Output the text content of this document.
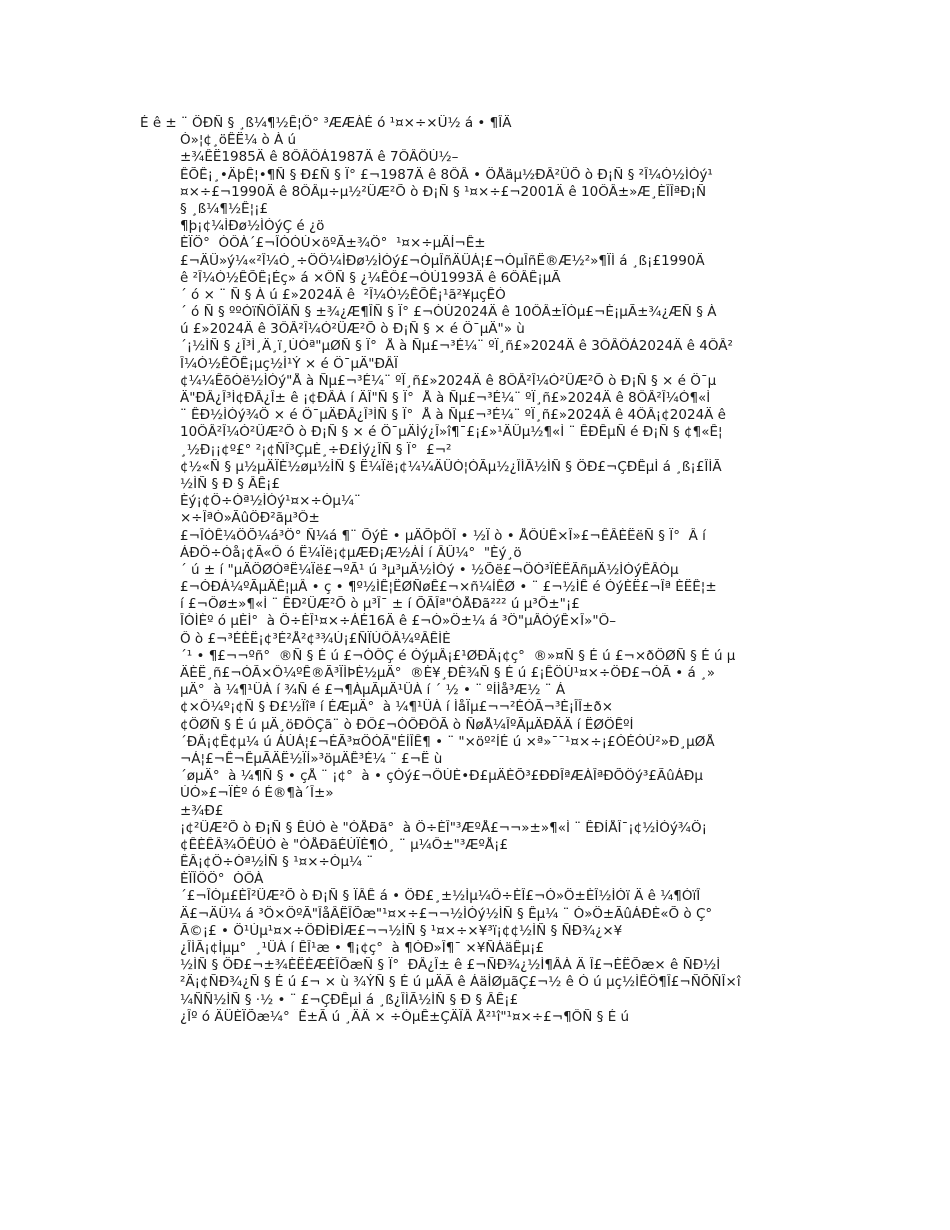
É ê ± ¨ ÖÐÑ § ¸ß¼¶½Ê¦Ö° ³ÆÆÀÉ ó ¹¤×÷×Ü½ á • ¶ÎÄ
Ò»¦¢¸öÊË¼ ò À ú
±¾ÊË1985Ä ê 8ÔÂÖÁ1987Ä ê 7ÔÂÖÚ½–
ÊÕÊ¡¸•ÄþÊ¦•¶Ñ § Ð£Ñ § Ï° £¬1987Ä ê 8ÔÂ • ÖÅäµ½ÐÂ²ÜÕ ò Ð¡Ñ § ²Î¼Ó½ÌÓý¹
¤×÷£¬1990Ä ê 8ÔÂµ÷µ½²ÜÆ²Õ ò Ð¡Ñ § ¹¤×÷£¬2001Ä ê 10ÔÂ±»Æ¸ÈÎÎªÐ¡Ñ
§ ¸ß¼¶½Ê¦¡£
¶þ¡¢¼ÌÐø½ÌÓýÇ é ¿ö
ÈÏÖ°  ÒÔÀ´£¬ÎÒÓÚ×öºÃ±¾Ö°  ¹¤×÷µÄÍ¬Ê±
£¬ÄÜ»ý¼«²Î¼Ó¸÷ÖÖ¼ÌÐø½ÌÓý£¬ÒµÎñÄÜÁ¦£¬ÒµÎñË®Æ½²»¶ÏÌ á ¸ß¡£1990Ä
ê ²Î¼Ó½ÊÕÊ¡Éç» á ×ÔÑ § ¿¼ÊÔ£¬ÓÚ1993Ä ê 6ÔÂÊ¡µÃ
´ ó × ¨ Ñ § À ú £»2024Ä ê  ²Î¼Ó½ÊÕÊ¡¹ã²¥µçÊÓ
´ ó Ñ § ººÓïÑÔÎÄÑ § ±¾¿Æ¶ÎÑ § Ï° £¬ÓÚ2024Ä ê 10ÔÂ±ÏÒµ£¬È¡µÃ±¾¿ÆÑ § À
ú £»2024Ä ê 3ÔÂ²Î¼Ó²ÜÆ²Õ ò Ð¡Ñ § × é Ö¯µÄ"» ù
´¡½ÌÑ § ¿Î³Ì¸Ä¸ï¸ÙÒª"µØÑ § Ï°  Å à Ñµ£¬³É¼¨ ºÏ¸ñ£»2024Ä ê 3ÔÂÖÁ2024Ä ê 4ÔÂ²
Î¼Ó½ÊÕÊ¡µç½Ì¹Ý × é Ö¯µÄ"ÐÂÏ
¢¼¼ÊõÓë½ÌÓý"Å à Ñµ£¬³É¼¨ ºÏ¸ñ£»2024Ä ê 8ÔÂ²Î¼Ó²ÜÆ²Õ ò Ð¡Ñ § × é Ö¯µ
Ä"ÐÂ¿Î³Ì¢ÐÂ¿Î± ê ¡¢ÐÂÀ í ÄÎ"Ñ § Ï°  Å à Ñµ£¬³É¼¨ ºÏ¸ñ£»2024Ä ê 8ÔÂ²Î¼Ó¶«Ì
¨ ÊÐ½ÌÓý¾Ö × é Ö¯µÄÐÂ¿Î³ÌÑ § Ï°  Å à Ñµ£¬³É¼¨ ºÏ¸ñ£»2024Ä ê 4ÔÂ¡¢2024Ä ê
10ÔÂ²Î¼Ó²ÜÆ²Õ ò Ð¡Ñ § × é Ö¯µÄÌý¿Î»î¶¯£¡£»¹ÄÜµ½¶«Ì ¨ ÊÐÊµÑ é Ð¡Ñ § ¢¶«Ê¦
¸½Ð¡¡¢º£° ²¡¢ÑÎ³ÇµÈ¸÷Ð£Ìý¿ÎÑ § Ï°  £¬²
¢½«Ñ § µ½µÄÏÈ½øµ½ÌÑ § Ë¼Ïë¡¢¼¼ÄÜÓ¦ÓÃµ½¿ÎÌÃ½ÌÑ § ÖÐ£¬ÇÐÊµÌ á ¸ß¡£ÎÌÃ
½ÌÑ § Ð § ÂÊ¡£
Èý¡¢Ö÷Òª½ÌÓý¹¤×÷Òµ¼¨
×÷ÎªÒ»ÃûÖÐ²ãµ³Ô±
£¬ÎÒÊ¼ÖÕ¼á³Ö° Ñ¼á ¶¨ ÕýÈ • µÄÕþÖÎ • ½Ï ò • ÅÔÚÊ×Î»£¬ÊÂÈËëÑ § Ï°  Â í
ÁÐÖ÷Òå¡¢Ã«Ô ó Ë¼Ïë¡¢µÆÐ¡Æ½ÀÍ í ÂÛ¼°  "Èý¸ö
´ ú ± í "µÄÖØÒªË¼Ïë£¬ºÃ¹ ú ³µ³µÄ½ÌÓý • ½Õë£¬ÖÒ³ÏÈËÃñµÄ½ÌÓýÊÂÒµ
£¬ÓÐÁ¼ºÃµÄÊ¦µÂ • ç • ¶º½ÌÊ¦ËØÑøÊ£¬×ñ¼ÍÊØ • ¨ £¬½ÌÊ é ÓýÈË£¬Îª ÈËÊ¦±
í £¬Ôø±»¶«Ì ¨ ÊÐ²ÜÆ²Õ ò µ³Î¯ ± í ÕÃÎª"ÓÅÐã²²² ú µ³Ô±"¡£
ÎÒÌÈº ó µÈÌ°  à Ö÷ÈÎ¹¤×÷ÁÉ16Ä ê £¬Ò»Ö±¼ á ³Ö"µÂÓýÊ×Î»"Ô–
Ô ò £¬³ÉÈË¡¢³É²Å²¢³¾Ù¡£ÑÏÚÔÂ¼ºÂÊÌÈ
´¹ • ¶£¬¬ºñ°  ®Ñ § É ú £¬ÒÔÇ é ÓýµÂ¡£¹ØÐÄ¡¢ç°  ®»¤Ñ § É ú £¬×ðÖØÑ § É ú µ
ÄÈË¸ñ£¬ÓÃ×Ô¼ºÊ®Ã³ÏÌÞÈ½µÄ°  ®È¥¸ÐÈ¾Ñ § É ú £¡ÊÖÚ¹¤×÷ÖÐ£¬ÓÃ • á ¸»
µÄ°  à ¼¶¹ÜÀ í ¾Ñ é £¬¶ÀµÃµÄ¹ÜÀ í ´ ½ • ¨ ºÍÌå³Æ½ ¨ Á
¢×Ô¼º¡¢Ñ § Ð£½Ïîª í ÉÆµÄ°  à ¼¶¹ÜÀ í ÌåÏµ£¬¬²ÉÓÃ¬³È¡ÎÎ±ð×
¢ÖØÑ § É ú µÄ¸öÐÔÇã¨ ò ÐÔ£¬ÒÔÐÔÃ ò ÑøÅ¼ÎºÃµÄÐÄÄ í ËØÖÊºÍ
´ÐÂ¡¢Ê¢µ¼ ú ÁÚÁ¦£¬ÉÃ³¤ÖÓÃ"ÉÍÎÊ¶ • ¨ "×öº²ÍÉ ú ×ª»¯¯¹¤×÷¡£ÓÉÓÚ²»Ð¸µØÅ
¬Á¦£¬Ê¬ÊµÃÄË½ÏÍ»³öµÄÊ³É¼ ¨ £¬Ë ù
´øµÄ°  à ¼¶Ñ § • çÅ ¨ ¡¢°  à • çÓý£¬ÔÚÈ•Ð£µÄÈÕ³£ÐÐÎªÆÀÎªÐÕÖý³£ÃûÁÐµ
ÚÓ»£¬ÏÈº ó É®¶à´Î±»
±¾Ð£
¡¢²ÜÆ²Õ ò Ð¡Ñ § ÊÚÓ è "ÓÅÐã°  à Ö÷ÈÎ"³ÆºÅ£¬¬»±»¶«Ì ¨ ÊÐÍÅÎ¯¡¢½ÌÓý¾Ö¡
¢ÊÈÊÂ¾ÕÊÚÓ è "ÓÅÐãÉÙÏÈ¶Ó¸ ¨ µ¼Ô±"³ÆºÅ¡£
ÊÂ¡¢Ö÷Òª½ÌÑ § ¹¤×÷Òµ¼ ¨
ÈÏÎÖÖ°  ÒÔÀ
´£¬ÎÒµ£ÈÎ²ÜÆ²Õ ò Ð¡Ñ § ÏÂÊ á • ÖÐ£¸±½Ìµ¼Ö÷ÈÎ£¬Ò»Ö±ÈÎ½ÌÓï Ä ê ¼¶ÓïÎ
Ä£¬ÄÜ¼ á ³Ö×ÖºÃ"ÎåÂËÎÕæ"¹¤×÷£¬¬½ÌÓý½ÌÑ § Êµ¼ ¨ Ò»Ö±ÃûÁÐÈ«Õ ò Ç°
Ã©¡£ • Ö¹Ùµ¹¤×÷ÖÐÌÐÌÆ£¬¬½ÌÑ § ¹¤×÷×¥³ï¡¢¢½ÌÑ § ÑÐ¾¿×¥
¿ÎÌÃ¡¢Ìµµ°  ¸¹ÜÀ í ÊÎ¹æ • ¶¡¢ç°  à ¶ÓÐ»Î¶¯ ×¥ÑÁäÊµ¡£
½ÌÑ § ÖÐ£¬±¾ÈËÈÆÈÎÕæÑ § Ï°  ÐÂ¿Î± ê £¬ÑÐ¾¿½Ì¶ÂÀ Ä Î£¬ÈËÕæ× ê ÑÐ½Ì
²Ä¡¢ÑÐ¾¿Ñ § É ú £¬ × ù ¾ÝÑ § É ú µÄÃ ê ÁäÌØµãÇ£¬½ ê Ó ú µç½ÌÊÖ¶Î£¬ÑÕÑÎ×î
¼ÑÑ½ÌÑ § ·½ • ¨ £¬ÇÐÊµÌ á ¸ß¿ÎÌÃ½ÌÑ § Ð § ÂÊ¡£
¿Îº ó ÄÜÈÏÕæ¼°  Ê±Ã ú ¸ÄÄ × ÷ÒµÊ±ÇÄÏÂ Å²¹î"¹¤×÷£¬¶ÔÑ § É ú
